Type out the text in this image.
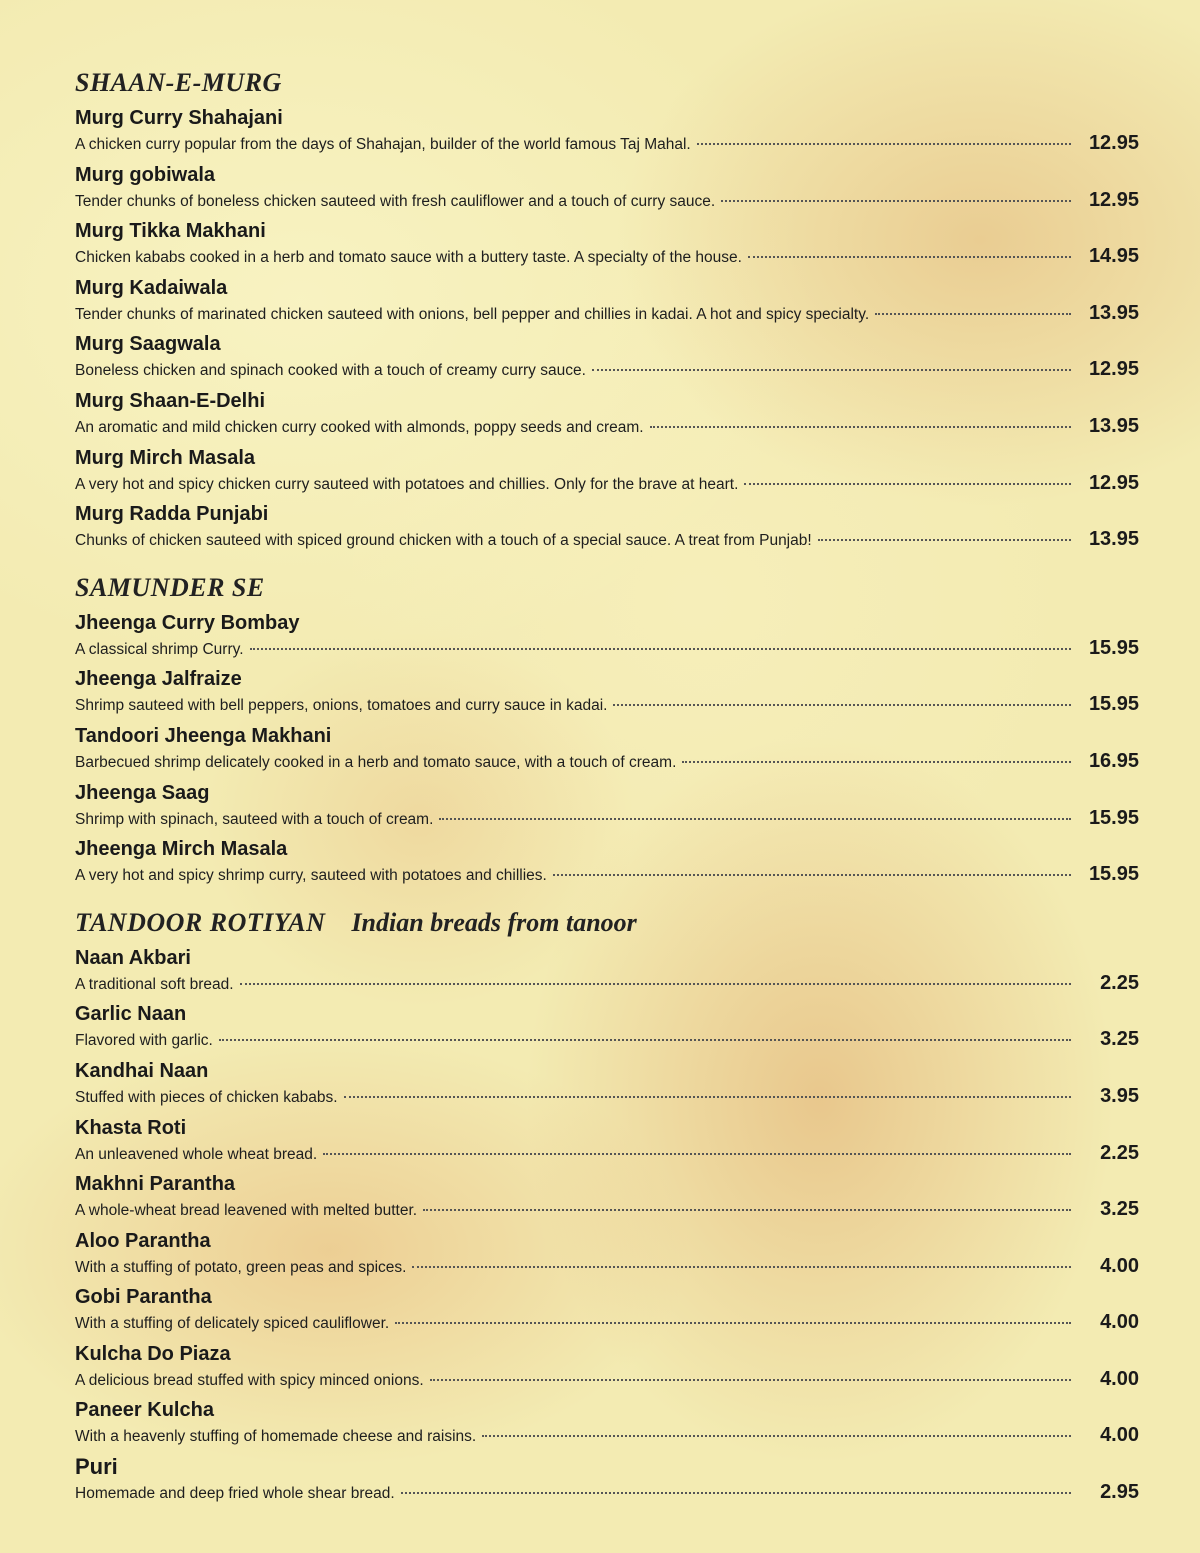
SHAAN-E-MURG
Murg Curry Shahajani
A chicken curry popular from the days of Shahajan, builder of the world famous Taj Mahal.	12.95
Murg gobiwala
Tender chunks of boneless chicken sauteed with fresh cauliflower and a touch of curry sauce.	12.95
Murg Tikka Makhani
Chicken kababs cooked in a herb and tomato sauce with a buttery taste. A specialty of the house.	14.95
Murg Kadaiwala
Tender chunks of marinated chicken sauteed with onions, bell pepper and chillies in kadai. A hot and spicy specialty.	13.95
Murg Saagwala
Boneless chicken and spinach cooked with a touch of creamy curry sauce.	12.95
Murg Shaan-E-Delhi
An aromatic and mild chicken curry cooked with almonds, poppy seeds and cream.	13.95
Murg Mirch Masala
A very hot and spicy chicken curry sauteed with potatoes and chillies. Only for the brave at heart.	12.95
Murg Radda Punjabi
Chunks of chicken sauteed with spiced ground chicken with a touch of a special sauce. A treat from Punjab!	13.95
SAMUNDER SE
Jheenga Curry Bombay
A classical shrimp Curry.	15.95
Jheenga Jalfraize
Shrimp sauteed with bell peppers, onions, tomatoes and curry sauce in kadai.	15.95
Tandoori Jheenga Makhani
Barbecued shrimp delicately cooked in a herb and tomato sauce, with a touch of cream.	16.95
Jheenga Saag
Shrimp with spinach, sauteed with a touch of cream.	15.95
Jheenga Mirch Masala
A very hot and spicy shrimp curry, sauteed with potatoes and chillies.	15.95
TANDOOR ROTIYAN Indian breads from tanoor
Naan Akbari
A traditional soft bread.	2.25
Garlic Naan
Flavored with garlic.	3.25
Kandhai Naan
Stuffed with pieces of chicken kababs.	3.95
Khasta Roti
An unleavened whole wheat bread.	2.25
Makhni Parantha
A whole-wheat bread leavened with melted butter.	3.25
Aloo Parantha
With a stuffing of potato, green peas and spices.	4.00
Gobi Parantha
With a stuffing of delicately spiced cauliflower.	4.00
Kulcha Do Piaza
A delicious bread stuffed with spicy minced onions.	4.00
Paneer Kulcha
With a heavenly stuffing of homemade cheese and raisins.	4.00
Puri
Homemade and deep fried whole shear bread.	2.95
